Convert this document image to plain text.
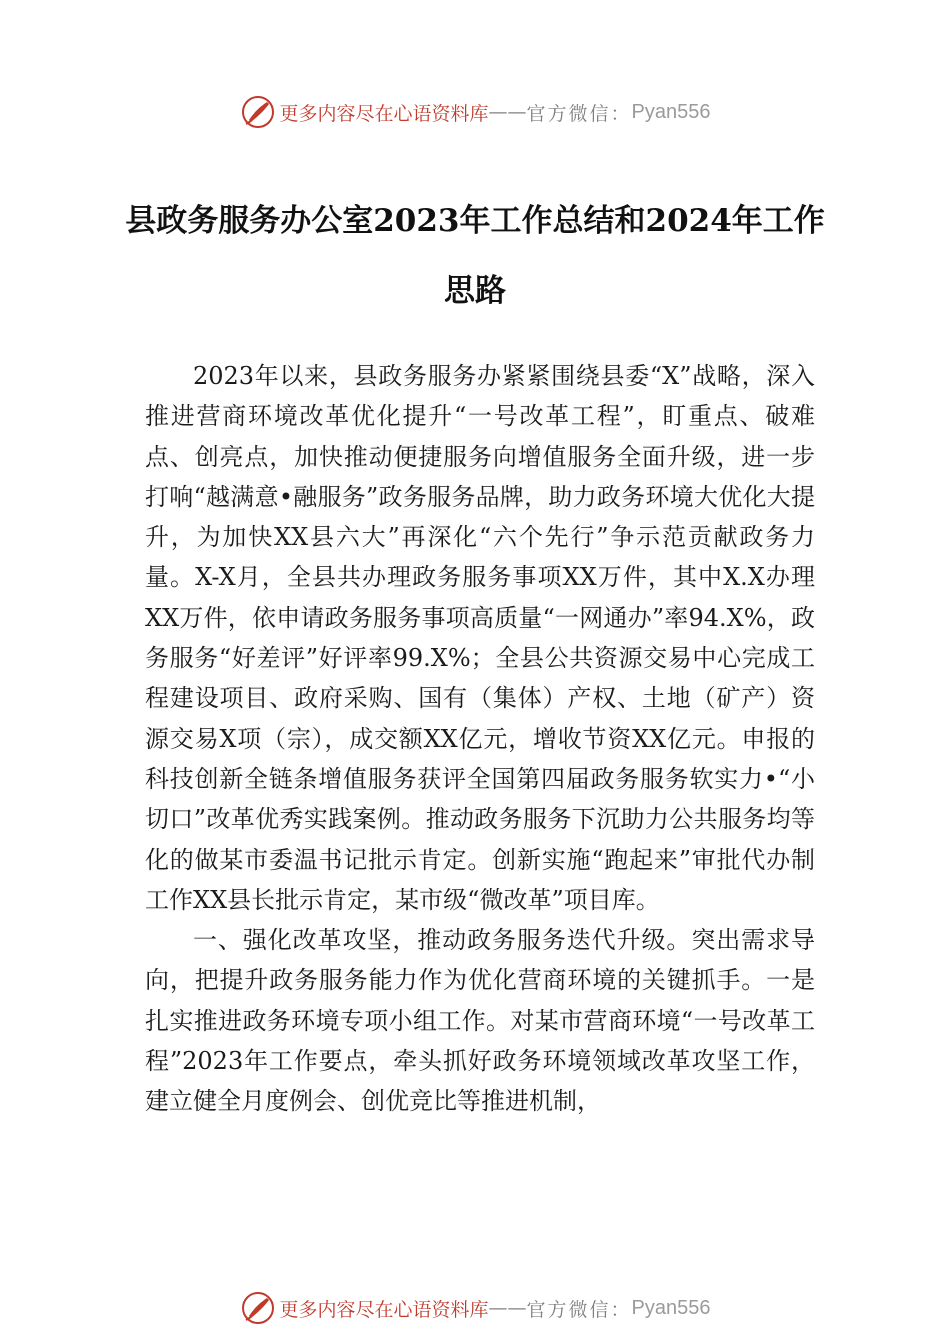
更多内容尽在心语资料库 —— 官方微信： Pyan556
县政务服务办公室2023年工作总结和2024年工作思路

2023年以来，县政务服务办紧紧围绕县委“X”战略，深入推进营商环境改革优化提升“一号改革工程”，盯重点、破难点、创亮点，加快推动便捷服务向增值服务全面升级，进一步打响“越满意•融服务”政务服务品牌，助力政务环境大优化大提升，为加快XX县六大”再深化“六个先行”争示范贡献政务力量。X-X月，全县共办理政务服务事项XX万件，其中X.X办理XX万件，依申请政务服务事项高质量“一网通办”率94.X%，政务服务“好差评”好评率99.X%；全县公共资源交易中心完成工程建设项目、政府采购、国有（集体）产权、土地（矿产）资源交易X项（宗），成交额XX亿元，增收节资XX亿元。申报的科技创新全链条增值服务获评全国第四届政务服务软实力•“小切口”改革优秀实践案例。推动政务服务下沉助力公共服务均等化的做某市委温书记批示肯定。创新实施“跑起来”审批代办制工作XX县长批示肯定，某市级“微改革”项目库。

一、强化改革攻坚，推动政务服务迭代升级。突出需求导向，把提升政务服务能力作为优化营商环境的关键抓手。一是扎实推进政务环境专项小组工作。对某市营商环境“一号改革工程”2023年工作要点，牵头抓好政务环境领域改革攻坚工作，建立健全月度例会、创优竞比等推进机制，

更多内容尽在心语资料库 —— 官方微信： Pyan556
